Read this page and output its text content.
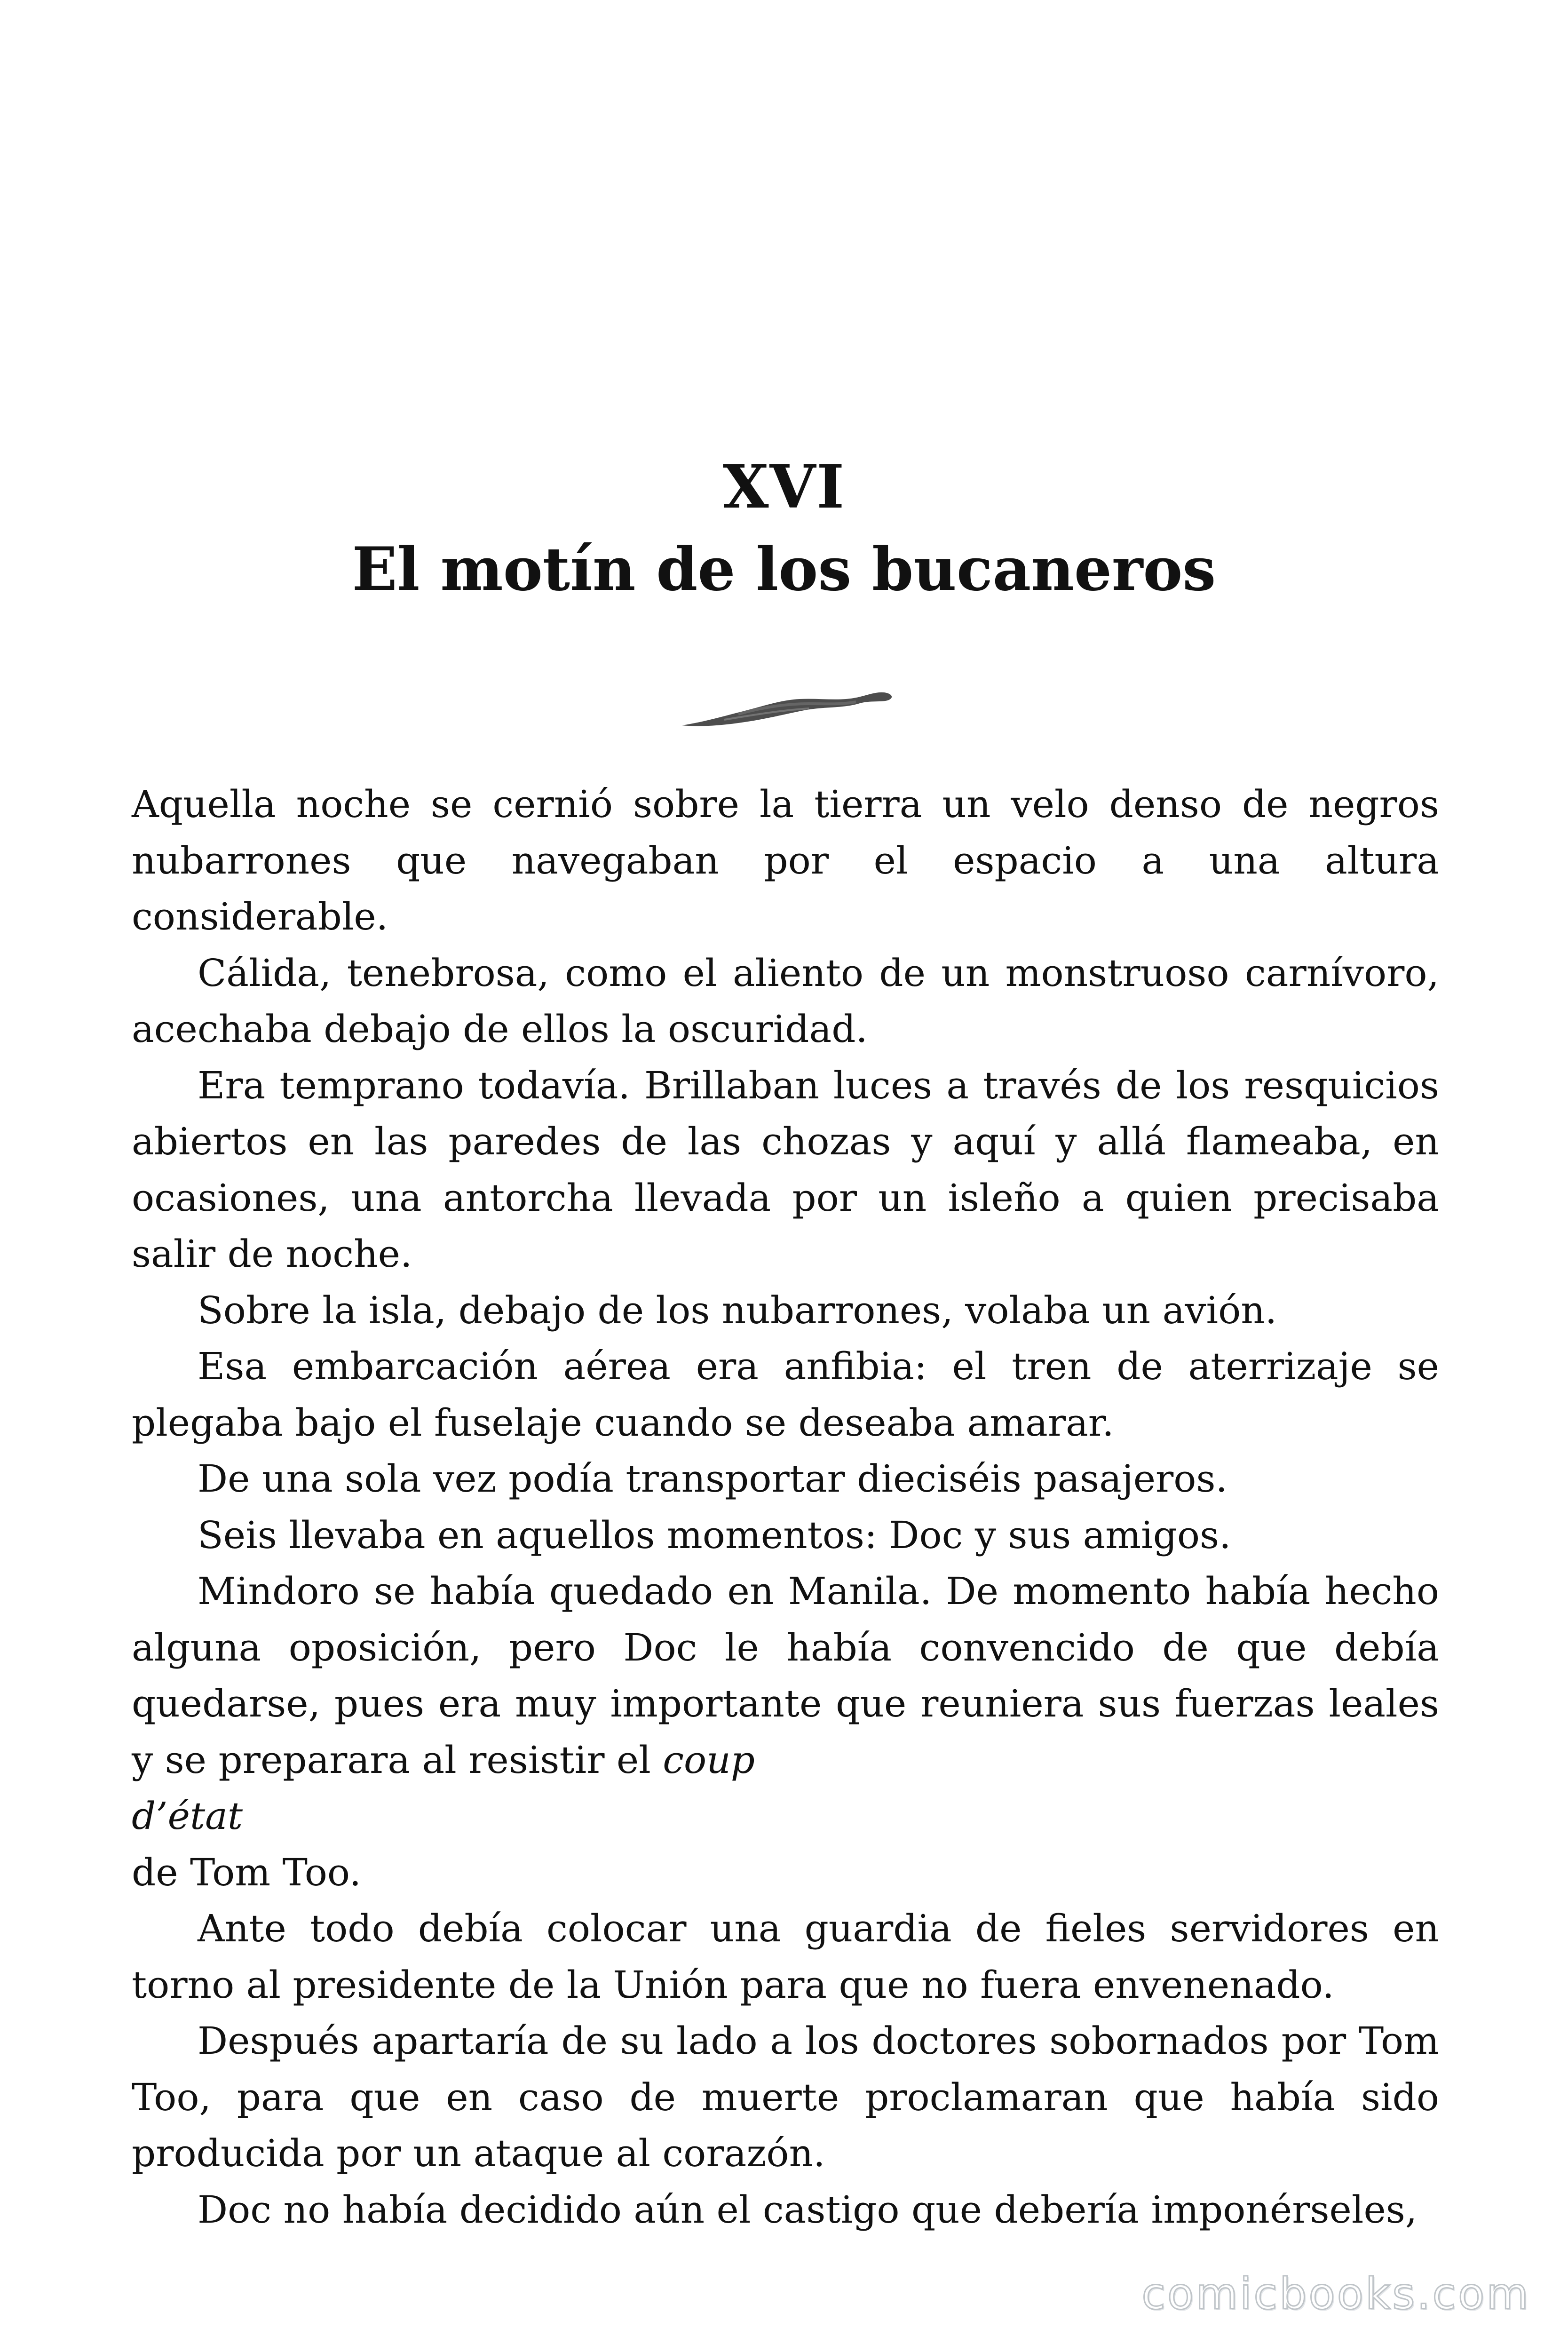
XVI
El motín de los bucaneros

Aquella noche se cernió sobre la tierra un velo denso de negros nubarrones que navegaban por el espacio a una altura considerable.

Cálida, tenebrosa, como el aliento de un monstruoso carnívoro, acechaba debajo de ellos la oscuridad.

Era temprano todavía. Brillaban luces a través de los resquicios abiertos en las paredes de las chozas y aquí y allá flameaba, en ocasiones, una antorcha llevada por un isleño a quien precisaba salir de noche.

Sobre la isla, debajo de los nubarrones, volaba un avión.

Esa embarcación aérea era anfibia: el tren de aterrizaje se plegaba bajo el fuselaje cuando se deseaba amarar.

De una sola vez podía transportar dieciséis pasajeros.

Seis llevaba en aquellos momentos: Doc y sus amigos.

Mindoro se había quedado en Manila. De momento había hecho alguna oposición, pero Doc le había convencido de que debía quedarse, pues era muy importante que reuniera sus fuerzas leales y se preparara al resistir el coup

d’état

de Tom Too.

Ante todo debía colocar una guardia de fieles servidores en torno al presidente de la Unión para que no fuera envenenado.

Después apartaría de su lado a los doctores sobornados por Tom Too, para que en caso de muerte proclamaran que había sido producida por un ataque al corazón.

Doc no había decidido aún el castigo que debería imponérseles,

comicbooks.com
